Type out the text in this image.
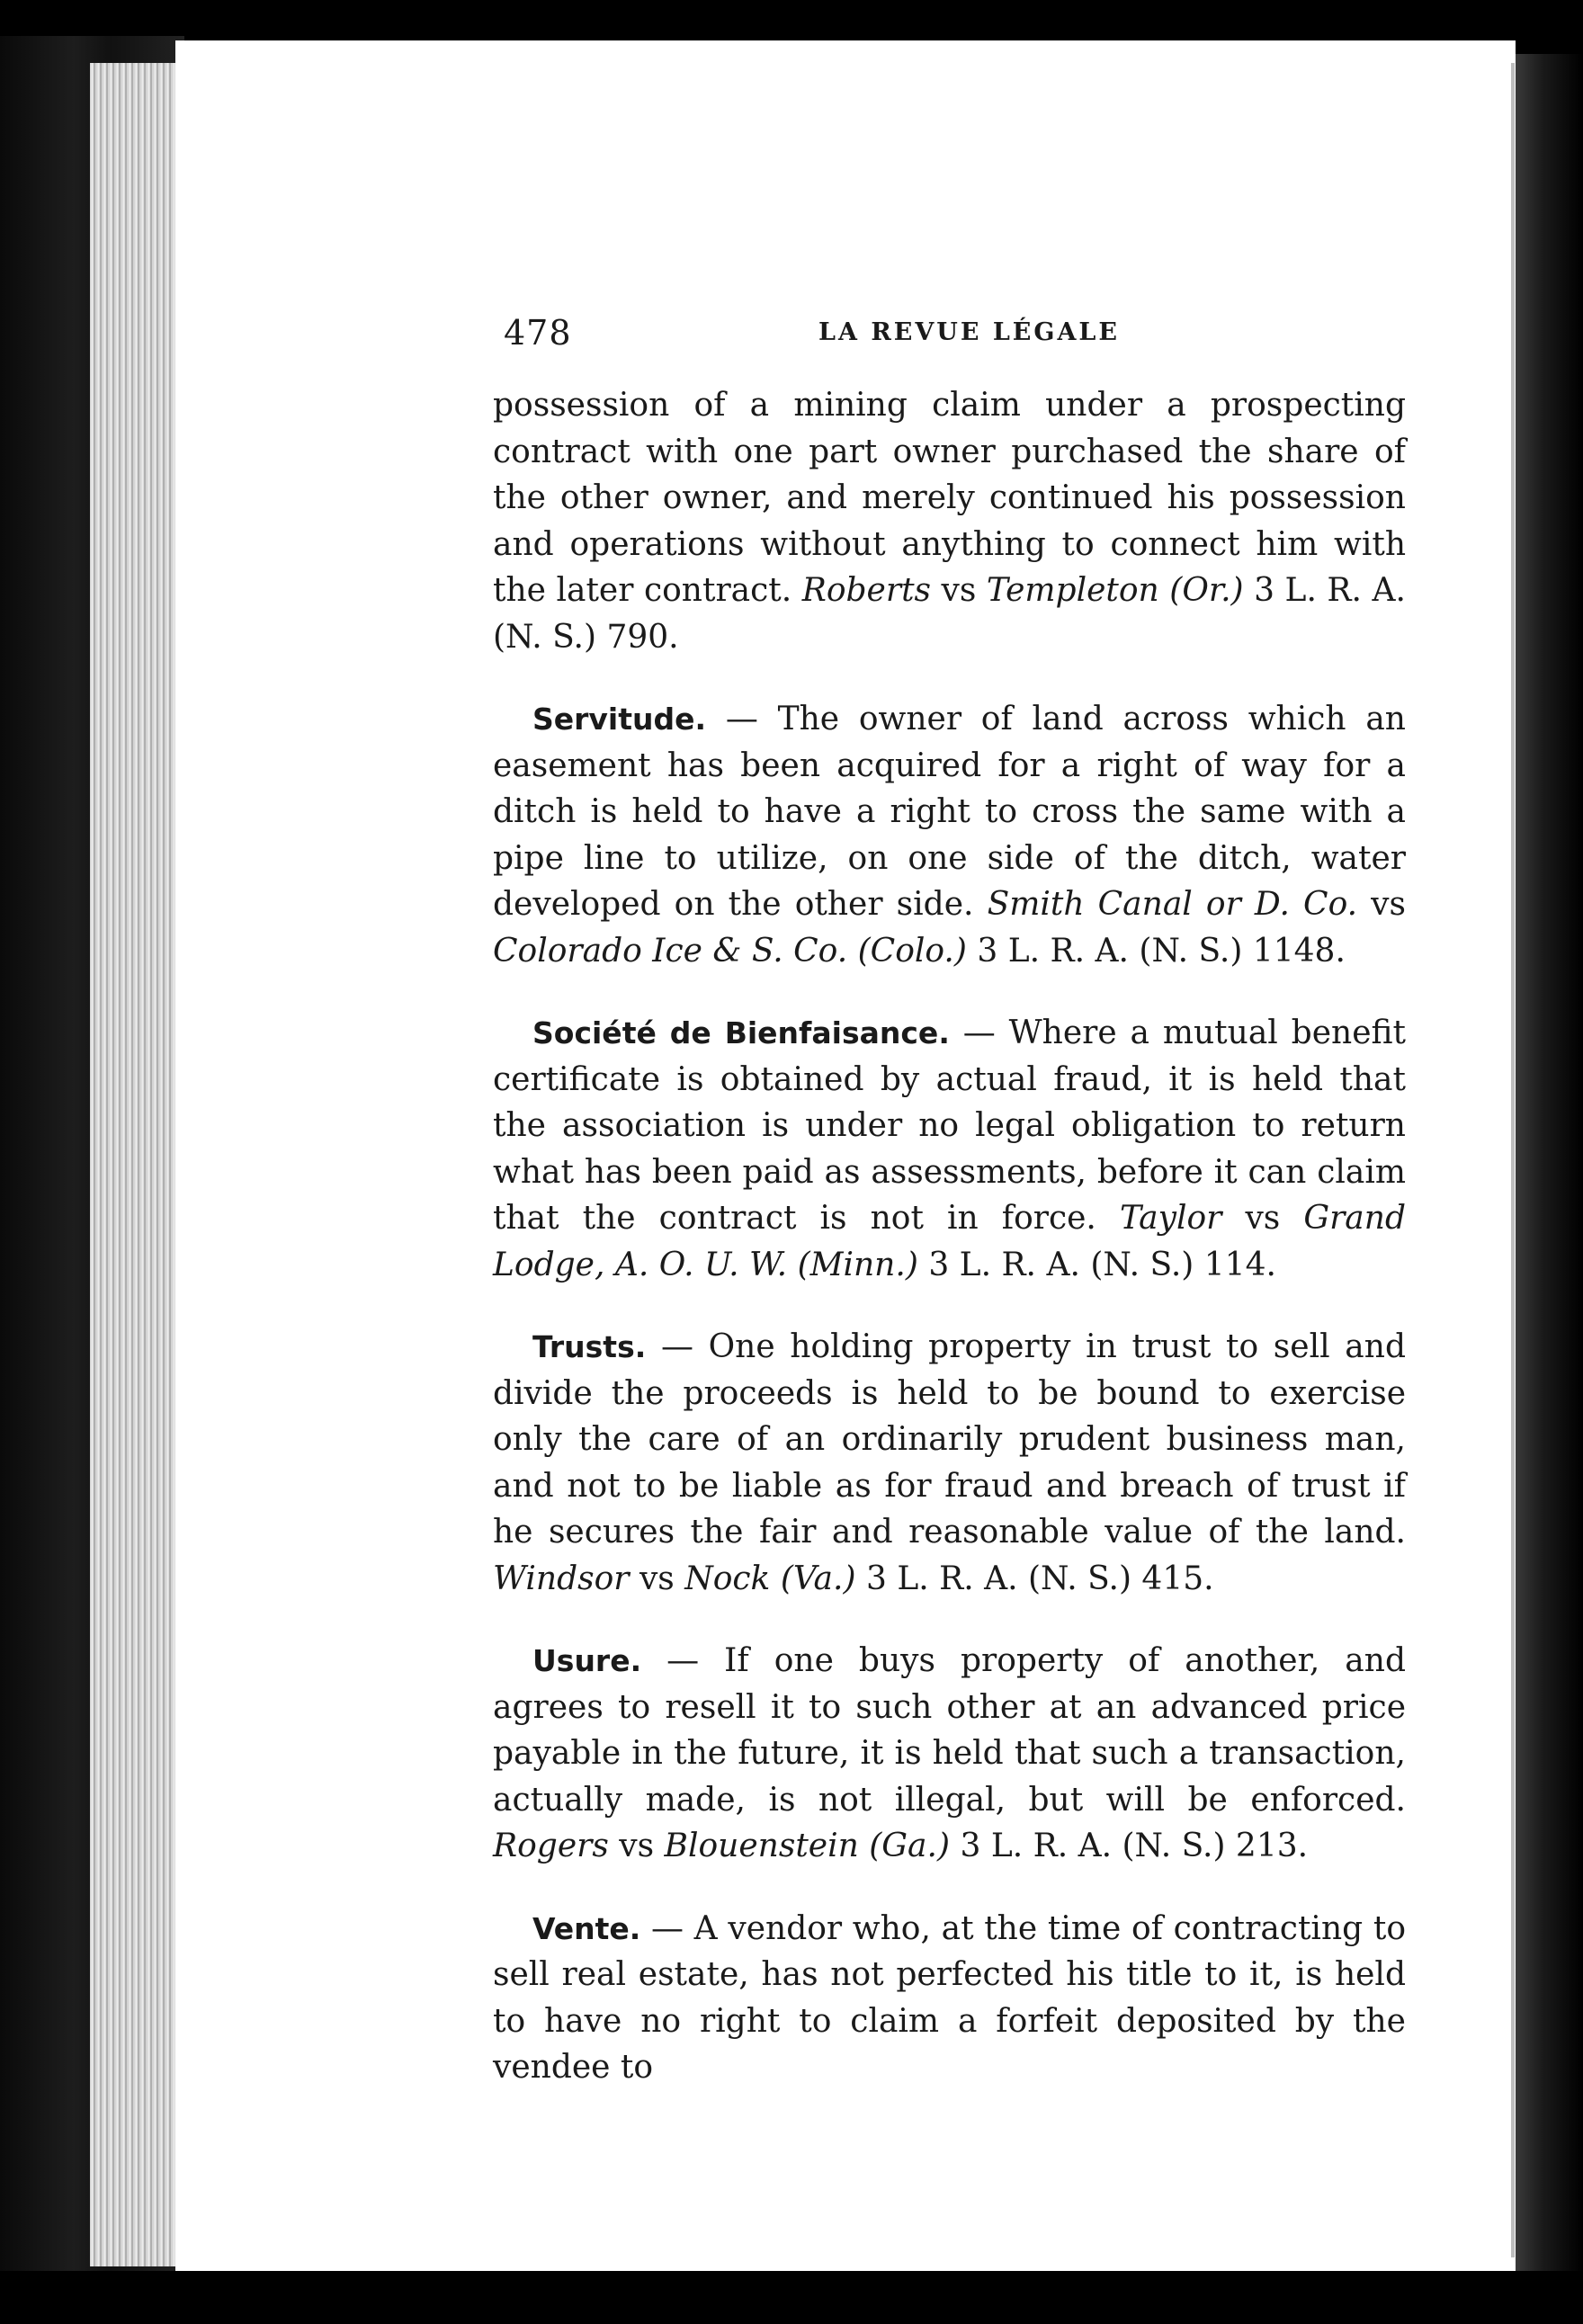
478	LA REVUE LÉGALE

possession of a mining claim under a prospecting contract with one part owner purchased the share of the other owner, and merely continued his possession and operations without anything to connect him with the later contract. Roberts vs Templeton (Or.) 3 L. R. A. (N. S.) 790.

Servitude. — The owner of land across which an easement has been acquired for a right of way for a ditch is held to have a right to cross the same with a pipe line to utilize, on one side of the ditch, water developed on the other side. Smith Canal or D. Co. vs Colorado Ice & S. Co. (Colo.) 3 L. R. A. (N. S.) 1148.

Société de Bienfaisance. — Where a mutual benefit certificate is obtained by actual fraud, it is held that the association is under no legal obligation to return what has been paid as assessments, before it can claim that the contract is not in force. Taylor vs Grand Lodge, A. O. U. W. (Minn.) 3 L. R. A. (N. S.) 114.

Trusts. — One holding property in trust to sell and divide the proceeds is held to be bound to exercise only the care of an ordinarily prudent business man, and not to be liable as for fraud and breach of trust if he secures the fair and reasonable value of the land. Windsor vs Nock (Va.) 3 L. R. A. (N. S.) 415.

Usure. — If one buys property of another, and agrees to resell it to such other at an advanced price payable in the future, it is held that such a transaction, actually made, is not illegal, but will be enforced. Rogers vs Blouenstein (Ga.) 3 L. R. A. (N. S.) 213.

Vente. — A vendor who, at the time of contracting to sell real estate, has not perfected his title to it, is held to have no right to claim a forfeit deposited by the vendee to
